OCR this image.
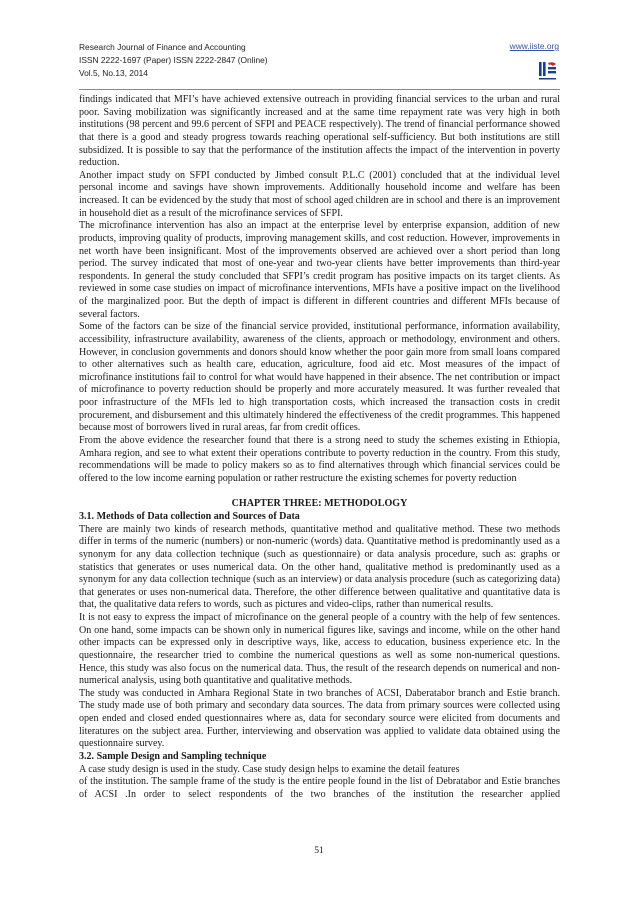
Research Journal of Finance and Accounting
ISSN 2222-1697 (Paper) ISSN 2222-2847 (Online)
Vol.5, No.13, 2014
www.iiste.org

findings indicated that MFI’s have achieved extensive outreach in providing financial services to the urban and rural poor. Saving mobilization was significantly increased and at the same time repayment rate was very high in both institutions (98 percent and 99.6 percent of SFPI and PEACE respectively). The trend of financial performance showed that there is a good and steady progress towards reaching operational self-sufficiency. But both institutions are still subsidized. It is possible to say that the performance of the institution affects the impact of the intervention in poverty reduction.

Another impact study on SFPI conducted by Jimbed consult P.L.C (2001) concluded that at the individual level personal income and savings have shown improvements. Additionally household income and welfare has been increased. It can be evidenced by the study that most of school aged children are in school and there is an improvement in household diet as a result of the microfinance services of SFPI.

The microfinance intervention has also an impact at the enterprise level by enterprise expansion, addition of new products, improving quality of products, improving management skills, and cost reduction. However, improvements in net worth have been insignificant. Most of the improvements observed are achieved over a short period than long period. The survey indicated that most of one-year and two-year clients have better improvements than third-year respondents. In general the study concluded that SFPI’s credit program has positive impacts on its target clients. As reviewed in some case studies on impact of microfinance interventions, MFIs have a positive impact on the livelihood of the marginalized poor. But the depth of impact is different in different countries and different MFIs because of several factors.

Some of the factors can be size of the financial service provided, institutional performance, information availability, accessibility, infrastructure availability, awareness of the clients, approach or methodology, environment and others. However, in conclusion governments and donors should know whether the poor gain more from small loans compared to other alternatives such as health care, education, agriculture, food aid etc. Most measures of the impact of microfinance institutions fail to control for what would have happened in their absence. The net contribution or impact of microfinance to poverty reduction should be properly and more accurately measured. It was further revealed that poor infrastructure of the MFIs led to high transportation costs, which increased the transaction costs in credit procurement, and disbursement and this ultimately hindered the effectiveness of the credit programmes. This happened because most of borrowers lived in rural areas, far from credit offices.

From the above evidence the researcher found that there is a strong need to study the schemes existing in Ethiopia, Amhara region, and see to what extent their operations contribute to poverty reduction in the country. From this study, recommendations will be made to policy makers so as to find alternatives through which financial services could be offered to the low income earning population or rather restructure the existing schemes for poverty reduction

CHAPTER THREE: METHODOLOGY

3.1. Methods of Data collection and Sources of Data

There are mainly two kinds of research methods, quantitative method and qualitative method. These two methods differ in terms of the numeric (numbers) or non-numeric (words) data. Quantitative method is predominantly used as a synonym for any data collection technique (such as questionnaire) or data analysis procedure, such as: graphs or statistics that generates or uses numerical data. On the other hand, qualitative method is predominantly used as a synonym for any data collection technique (such as an interview) or data analysis procedure (such as categorizing data) that generates or uses non-numerical data. Therefore, the other difference between qualitative and quantitative data is that, the qualitative data refers to words, such as pictures and video-clips, rather than numerical results.

It is not easy to express the impact of microfinance on the general people of a country with the help of few sentences. On one hand, some impacts can be shown only in numerical figures like, savings and income, while on the other hand other impacts can be expressed only in descriptive ways, like, access to education, business experience etc. In the questionnaire, the researcher tried to combine the numerical questions as well as some non-numerical questions. Hence, this study was also focus on the numerical data. Thus, the result of the research depends on numerical and non-numerical analysis, using both quantitative and qualitative methods.

The study was conducted in Amhara Regional State in two branches of ACSI, Daberatabor branch and Estie branch. The study made use of both primary and secondary data sources. The data from primary sources were collected using open ended and closed ended questionnaires where as, data for secondary source were elicited from documents and literatures on the subject area. Further, interviewing and observation was applied to validate data obtained using the questionnaire survey.

3.2. Sample Design and Sampling technique

A case study design is used in the study. Case study design helps to examine the detail features

of the institution. The sample frame of the study is the entire people found in the list of Debratabor and Estie branches of ACSI .In order to select respondents of the two branches of the institution the researcher applied

51
